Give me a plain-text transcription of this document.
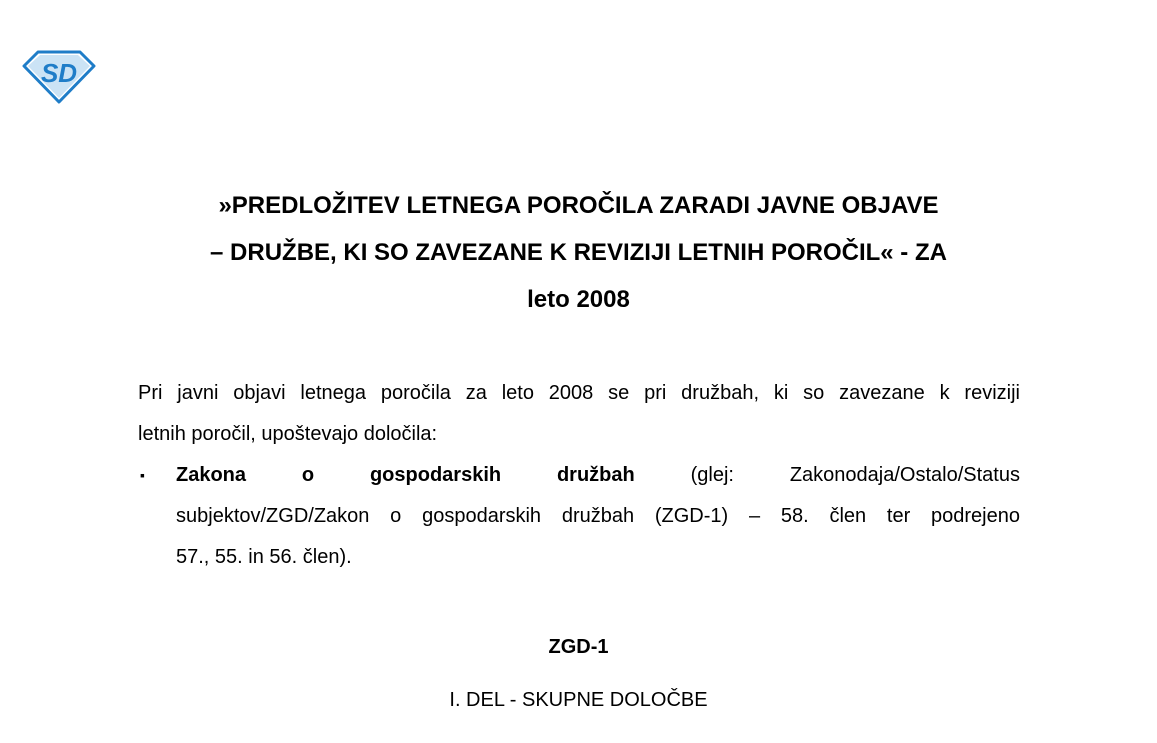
SD
»PREDLOŽITEV LETNEGA POROČILA ZARADI JAVNE OBJAVE
– DRUŽBE, KI SO ZAVEZANE K REVIZIJI LETNIH POROČIL« - ZA
leto 2008
Pri javni objavi letnega poročila za leto 2008 se pri družbah, ki so zavezane k reviziji
letnih poročil, upoštevajo določila:
▪ Zakona	o	gospodarskih	družbah	(glej:	Zakonodaja/Ostalo/Status
subjektov/ZGD/Zakon o gospodarskih družbah (ZGD-1) – 58. člen ter podrejeno
57., 55. in 56. člen).
ZGD-1
I. DEL - SKUPNE DOLOČBE
